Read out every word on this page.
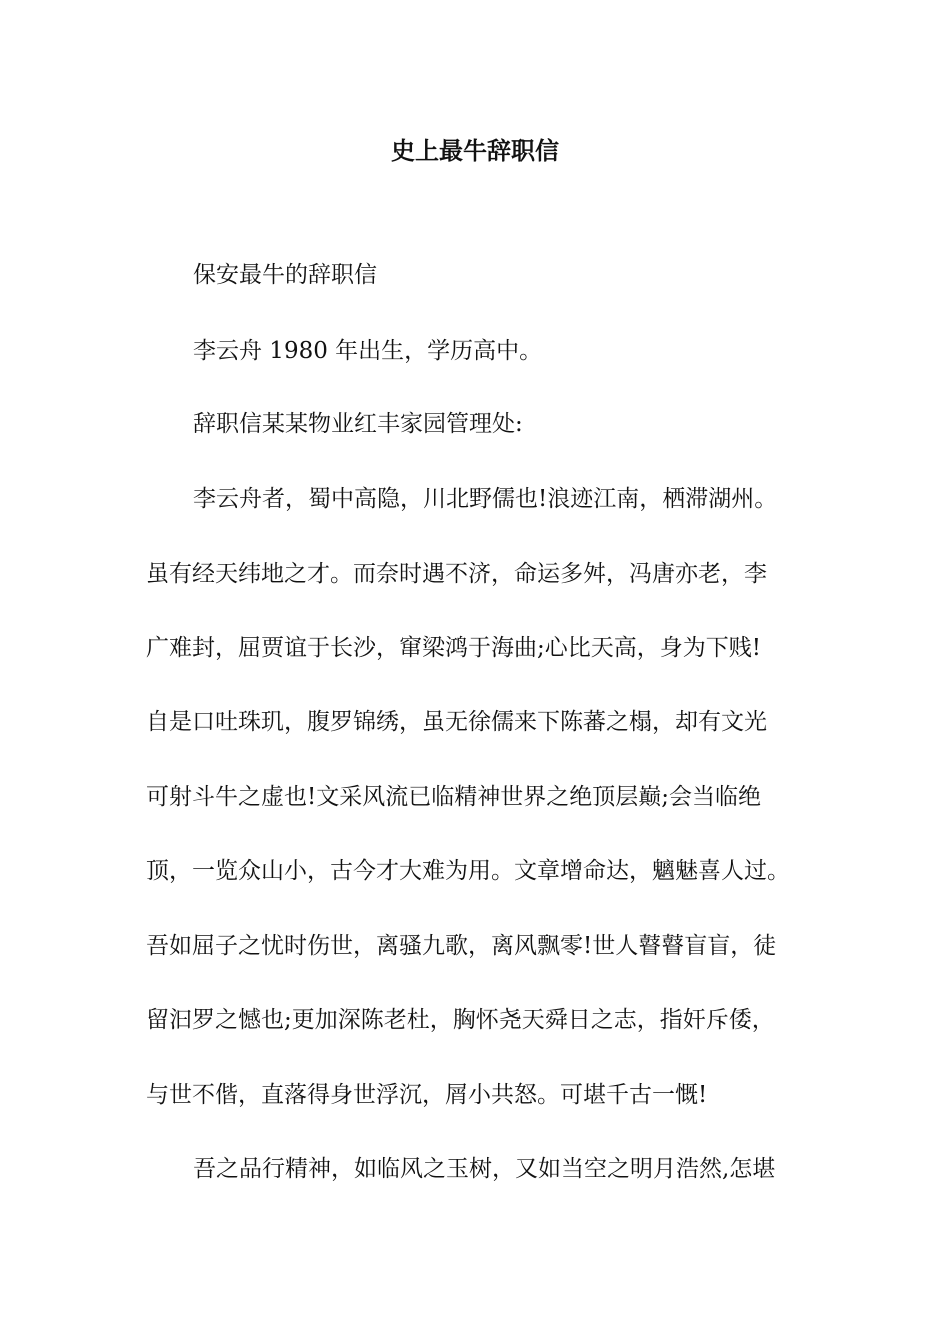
史上最牛辞职信
保安最牛的辞职信
李云舟 1980 年出生，学历高中。
辞职信某某物业红丰家园管理处:
李云舟者，蜀中高隐，川北野儒也!浪迹江南，栖滞湖州。
虽有经天纬地之才。而奈时遇不济，命运多舛，冯唐亦老，李
广难封，屈贾谊于长沙，窜梁鸿于海曲;心比天高，身为下贱!
自是口吐珠玑，腹罗锦绣，虽无徐儒来下陈蕃之榻，却有文光
可射斗牛之虚也!文采风流已临精神世界之绝顶层巅;会当临绝
顶，一览众山小，古今才大难为用。文章增命达，魑魅喜人过。
吾如屈子之忧时伤世，离骚九歌，离风飘零!世人瞽瞽盲盲，徒
留汩罗之憾也;更加深陈老杜，胸怀尧天舜日之志，指奸斥倭，
与世不偕，直落得身世浮沉，屑小共怒。可堪千古一慨!
吾之品行精神，如临风之玉树，又如当空之明月浩然,怎堪
